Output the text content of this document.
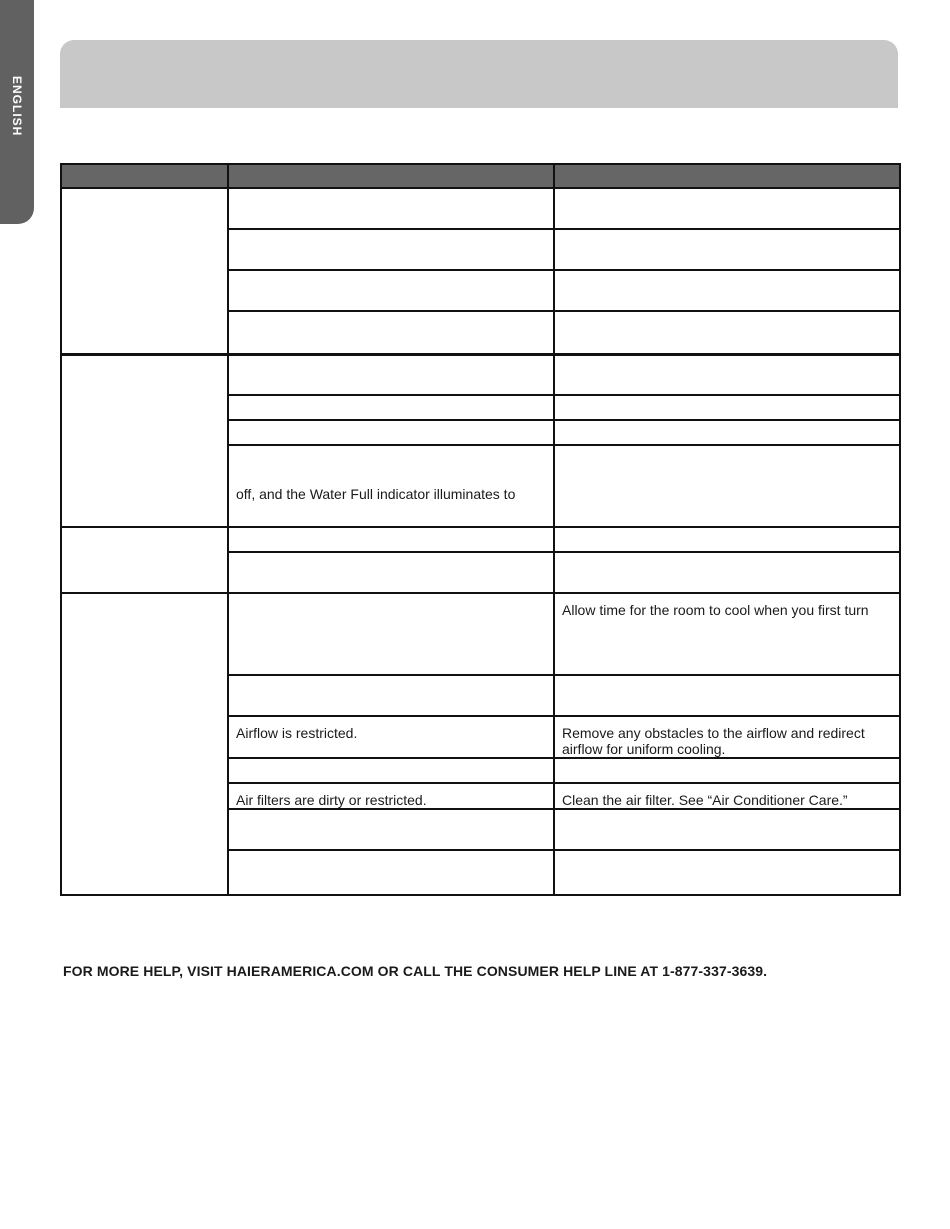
ENGLISH

	off, and the Water Full indicator illuminates to	

		Allow time for the room to cool when you first turn

	Airflow is restricted.	Remove any obstacles to the airflow and redirect airflow for uniform cooling.

	Air filters are dirty or restricted.	Clean the air filter. See “Air Conditioner Care.”

FOR MORE HELP, VISIT HAIERAMERICA.COM OR CALL THE CONSUMER HELP LINE AT 1-877-337-3639.
